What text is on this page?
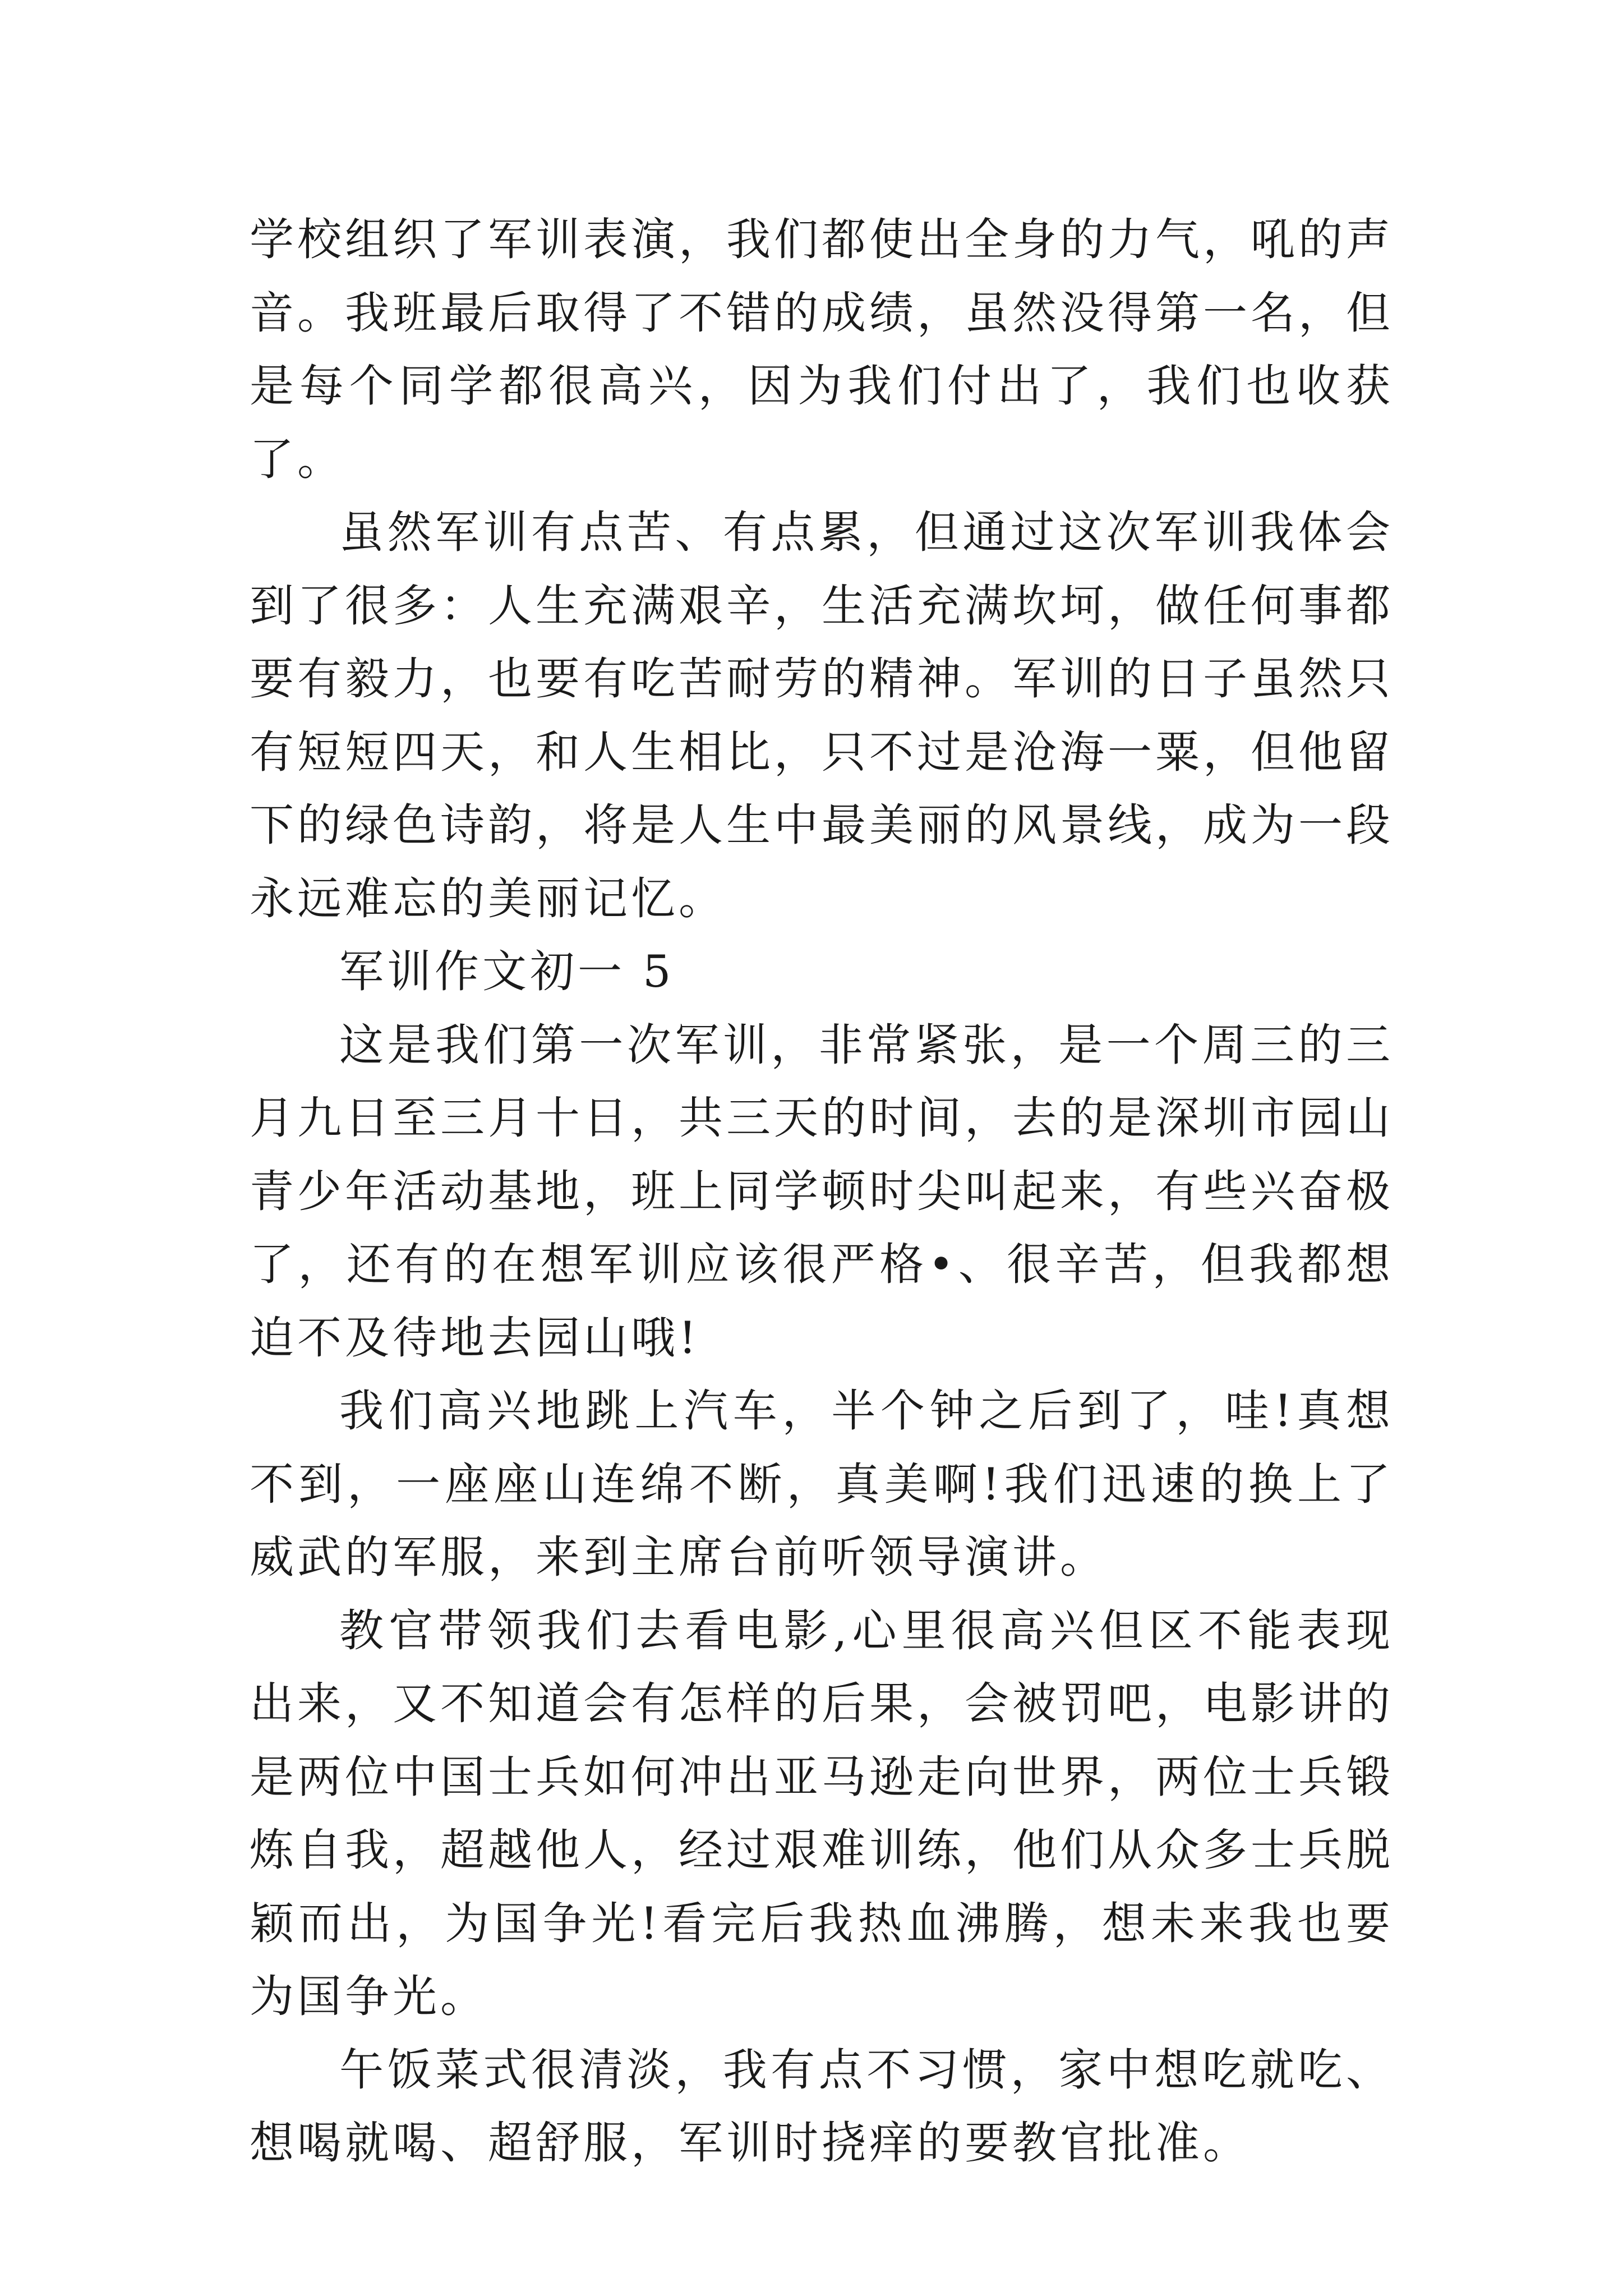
学校组织了军训表演，我们都使出全身的力气，吼的声音。我班最后取得了不错的成绩，虽然没得第一名，但是每个同学都很高兴，因为我们付出了，我们也收获了。

虽然军训有点苦、有点累，但通过这次军训我体会到了很多：人生充满艰辛，生活充满坎坷，做任何事都要有毅力，也要有吃苦耐劳的精神。军训的日子虽然只有短短四天，和人生相比，只不过是沧海一粟，但他留下的绿色诗韵，将是人生中最美丽的风景线，成为一段永远难忘的美丽记忆。

军训作文初一 5

这是我们第一次军训，非常紧张，是一个周三的三月九日至三月十日，共三天的时间，去的是深圳市园山青少年活动基地，班上同学顿时尖叫起来，有些兴奋极了，还有的在想军训应该很严格•、很辛苦，但我都想迫不及待地去园山哦!

我们高兴地跳上汽车，半个钟之后到了，哇!真想不到，一座座山连绵不断，真美啊!我们迅速的换上了威武的军服，来到主席台前听领导演讲。

教官带领我们去看电影,心里很高兴但区不能表现出来，又不知道会有怎样的后果，会被罚吧，电影讲的是两位中国士兵如何冲出亚马逊走向世界，两位士兵锻炼自我，超越他人，经过艰难训练，他们从众多士兵脱颖而出，为国争光!看完后我热血沸腾，想未来我也要为国争光。

午饭菜式很清淡，我有点不习惯，家中想吃就吃、想喝就喝、超舒服，军训时挠痒的要教官批准。
